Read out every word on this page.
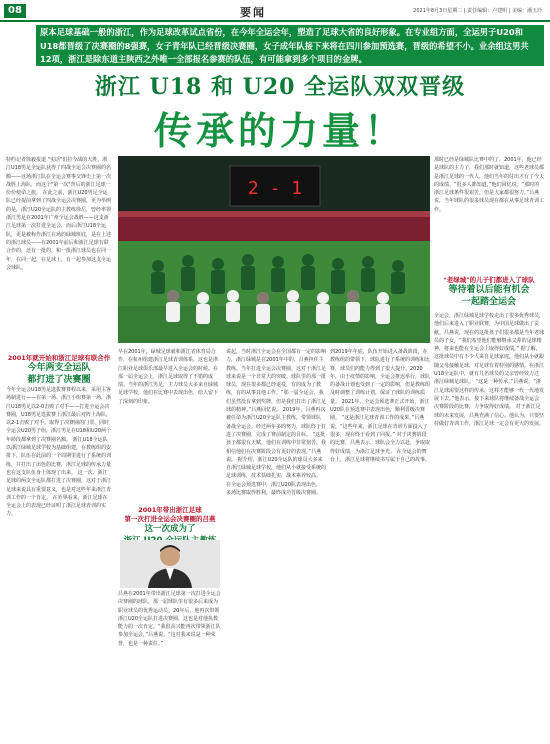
08	要闻	2021年8月3日星期二 | 责任编辑：卢建明 | 美编：潘玉玲
原本足球基础一般的浙江，作为足球改革试点省份，在今年全运会年，塑造了足球大省的良好形象。在专业组方面，全运男子U20和U18都晋级了决赛圈的8强赛，女子青年队已经晋级决赛圈，女子成年队接下来将在四川参加预选赛，晋级的希望不小。业余组这男共12项，浙江是除东道主陕西之外唯一全部报名参赛的队伍，有可能拿到多个项目的金牌。
浙江 U18 和 U20 全运队双双晋级
传承的力量！
2 - 1
特约记者徐毅报道 "实话"们拉今战的大胜，浙江U18男足全运队获得了四战全运会决赛圈的名额——这场浙江队在全运会赛事交锋史上第一次战胜上海队，而这个"第一次"背后的浙江足球一份份使命之旅。 在此之前，浙江U20男足全运队已经提前拿到了四战全运会决赛圈，更为举例的是，浙江U20全运队的主教练徐岳，曾经率领浙江男足在2001年广州全运会战胜——这支浙江足球第一次打进全运会，而后浙江U18全运队，更是被称作浙江在场的绿城班底，是在上述的浙江球员——在2001年前后和浙江足球有联合作的，还有一批的，和一批浙江球员也在同一年，在同一起，在足球上，有一起参加这支全运会球队。
2001年就开始和浙江足球有联合作
今年两支全运队
都打进了决赛圈
今年全运会U18男足选拔赛赛程以来，采用主客场制进行——在第一场、浙江小组赛第一场，浙江U18男足以2-0击败了对手——打进全运会决赛圈，U18男足选拔赛上浙江最后对阵上海队，以2-1击败了对手，取得了决赛圈的门票。同时全运会U20男子组，浙江男足在U18和U20两个年龄段都拿到了决赛圈名额。 浙江U18全运队以浙江绿城足球学校为基础组建，在教练组的安排下，队伍在此前的一个周期里进行了系统的训练，并打出了出色的比赛，浙江足球的传承力量也在这支队伍身上体现了出来。 这一次，浙江足球的两支全运队都打进了决赛圈，这对于浙江足球来说具有重要意义，也是对这些年来浙江青训工作的一个肯定。 在外界看来，浙江足球在全运会上的表现已经证明了浙江足球青训的实力。
那时已经是绿城队比赛中的了，2001年，他已经是球队的主力了，我们那时就知道，这些老球员都是浙江足球的一代人，他们当年的付出才有了今天的成绩。“很多人都知道，”他们回忆说，“那时的浙江足球条件很艰苦，但是大家都很努力。”吕燕说，当年球队的很多球员现在都在从事足球青训工作。
"老绿城"的儿子们都进入了球队
等待着以后能有机会
一起踏全运会
全运会，浙江绿城足球学校走出了很多优秀球员，他们后来进入了职业联赛，为中国足球做出了贡献。吕燕说，现在的这批孩子们很多都是当年老球员的子女，“我们希望他们能够继承父辈的足球精神，将来也能在全运会上取得好成绩。” 据了解，这批球员中有不少人来自足球家庭，他们从小就跟随父母接触足球，对足球有着特别的感情。在浙江U18全运队中，就有几名球员的父亲曾经效力过浙江绿城足球队。 “这是一种传承，”吕燕说，“浙江足球需要这样的传承，这样才能够一代一代地发展下去。”他表示，接下来球队将继续备战全运会决赛阶段的比赛，力争取得好成绩。 对于浙江足球的未来发展，吕燕充满了信心。他认为，只要坚持做好青训工作，浙江足球一定会有更大的发展。
早在2001年，绿城足球就和浙江省体育局合作，在杭州组建浙江足球青训体系，这也是浙江职业足球俱乐部最早进入全运会的时候。在那一届全运会上，浙江足球取得了不错的成绩。当年的浙江男足，主力球员大多来自绿城足球学校，他们在比赛中表现出色，给人留下了深刻的印象。
2001年带出浙江足球
第一次打进全运会决赛圈的吕燕
这一次成为了
吕燕在2001年带出浙江足球第一次打进全运会决赛圈的球队，那一届球队里有很多后来成为职业球员的优秀运动员。20年后，他再次带领浙江U20全运队打进决赛圈，这也是对他执教能力的一次肯定。“我很高兴能再次带领浙江队参加全运会，”吕燕说，“这对我来说是一种荣誉，也是一种责任。”
说起，当时浙江全运会在全国都有一定的影响力，浙江绿城是在2001年中的，吕燕担任主教练。当年打进全运会决赛圈，这对于浙江足球来说是一个非常大的突破。球队里的那一批球员，现在很多都已经退役，有的成为了教练，有的从事其他工作。“那一届全运会，我们虽然没有拿到奖牌，但是我们打出了浙江足球的精神。”吕燕回忆说。 2019年，吕燕再次被任命为浙江U20全运队主教练，带领球队备战全运会。经过两年多的努力，球队终于打进了决赛圈，完成了赛前制定的目标。 “这批孩子都很有天赋，他们在训练中非常刻苦，我相信他们在决赛阶段会有更好的表现。”吕燕说。 据介绍，浙江U20全运队的球员大多来自浙江绿城足球学校，他们从小就接受系统的足球训练，技术基础扎实，战术素养较高。 在全运会预选赛中，浙江U20队表现出色，多场比赛取得胜利，最终成功晋级决赛圈。
到2019年年底，队伍开始进入备战阶段，在教练组的带领下，球队进行了系统的训练和比赛，球员们的能力得到了很大提升。2020年，由于疫情的影响，全运会推迟举行，球队的备战计划也受到了一定的影响，但是教练组及时调整了训练计划，保证了球队的训练质量。 2021年，全运会预选赛正式开始，浙江U20队在预选赛中表现出色，顺利晋级决赛圈。 “这是浙江足球青训工作的成果，”吕燕说，“这些年来，浙江足球在青训方面投入了很多，现在终于看到了回报。” 对于决赛阶段的比赛，吕燕表示，球队会全力以赴，争取取得好成绩，为浙江足球争光。 在全运会的舞台上，浙江足球将继续书写属于自己的故事。
